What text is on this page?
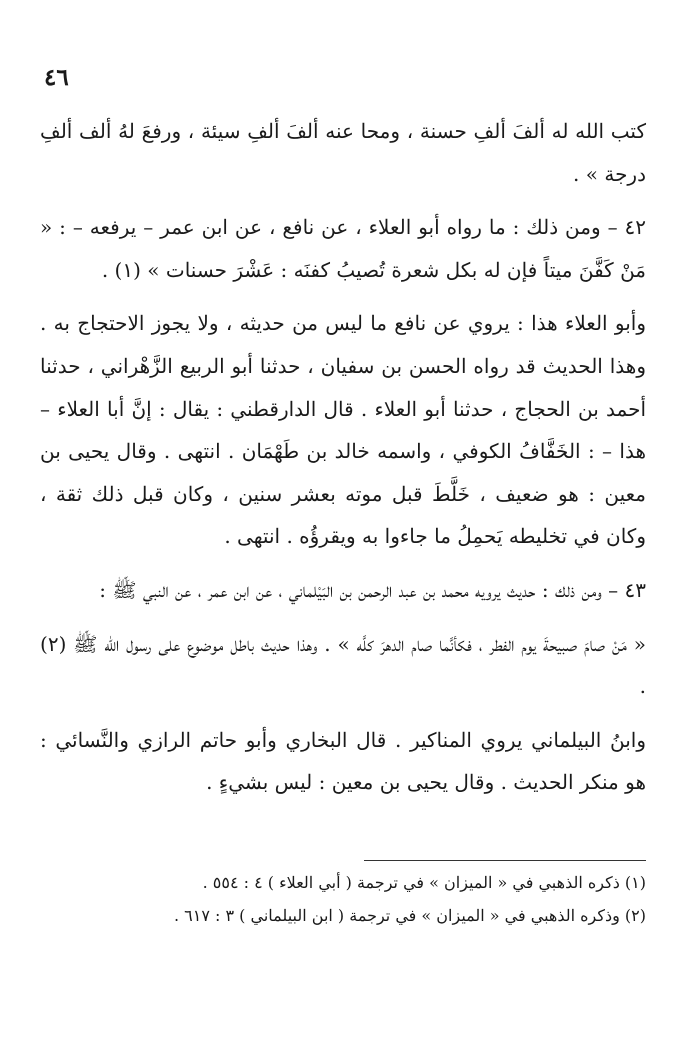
٤٦

كتب الله له ألفَ ألفِ حسنة ، ومحا عنه ألفَ ألفِ سيئة ، ورفعَ لهُ ألف ألفِ درجة » .

٤٢ – ومن ذلك : ما رواه أبو العلاء ، عن نافع ، عن ابن عمر – يرفعه – : « مَنْ كَفَّنَ ميتاً فإن له بكل شعرة تُصيبُ كفنَه : عَشْرَ حسنات » (١) .

وأبو العلاء هذا : يروي عن نافع ما ليس من حديثه ، ولا يجوز الاحتجاج به . وهذا الحديث قد رواه الحسن بن سفيان ، حدثنا أبو الربيع الزَّهْراني ، حدثنا أحمد بن الحجاج ، حدثنا أبو العلاء . قال الدارقطني : يقال : إنَّ أبا العلاء – هذا – : الخَفَّافُ الكوفي ، واسمه خالد بن طَهْمَان . انتهى . وقال يحيى بن معين : هو ضعيف ، خَلَّطَ قبل موته بعشر سنين ، وكان قبل ذلك ثقة ، وكان في تخليطه يَحمِلُ ما جاءوا به ويقرؤُه . انتهى .

٤٣ – ومن ذلك : حديث يرويه محمد بن عبد الرحمن بن البَيْلماني ، عن ابن عمر ، عن النبي ﷺ :

« مَنْ صامَ صبيحةَ يوم الفطر ، فكأنَّما صام الدهرَ كلَّه » . وهذا حديث باطل موضوع على رسول الله ﷺ (٢) .

وابنُ البيلماني يروي المناكير . قال البخاري وأبو حاتم الرازي والنَّسائي : هو منكر الحديث . وقال يحيى بن معين : ليس بشيءٍ .

(١) ذكره الذهبي في « الميزان » في ترجمة ( أبي العلاء ) ٤ : ٥٥٤ .

(٢) وذكره الذهبي في « الميزان » في ترجمة ( ابن البيلماني ) ٣ : ٦١٧ .
